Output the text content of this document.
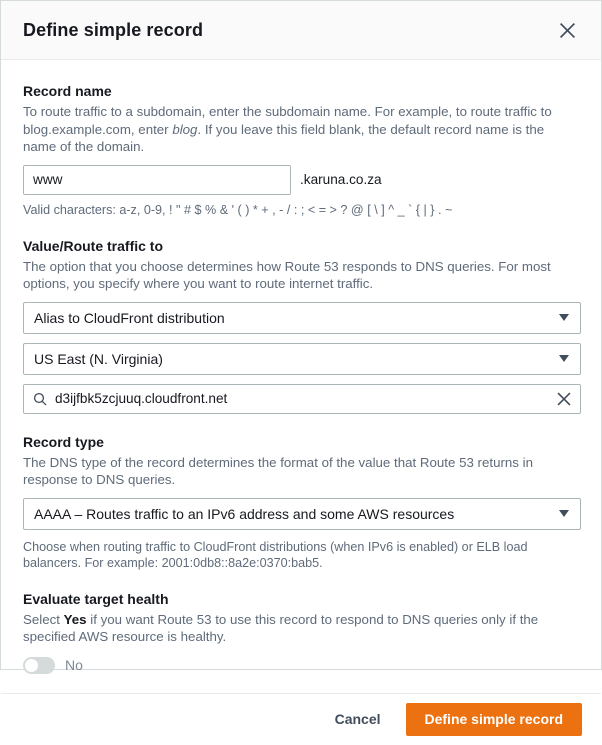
Define simple record
Record name
To route traffic to a subdomain, enter the subdomain name. For example, to route traffic to blog.example.com, enter blog. If you leave this field blank, the default record name is the name of the domain.
www
.karuna.co.za
Valid characters: a-z, 0-9, ! " # $ % & ' ( ) * + , - / : ; < = > ? @ [ \ ] ^ _ ` { | } . ~
Value/Route traffic to
The option that you choose determines how Route 53 responds to DNS queries. For most options, you specify where you want to route internet traffic.
Alias to CloudFront distribution
US East (N. Virginia)
d3ijfbk5zcjuuq.cloudfront.net
Record type
The DNS type of the record determines the format of the value that Route 53 returns in response to DNS queries.
AAAA – Routes traffic to an IPv6 address and some AWS resources
Choose when routing traffic to CloudFront distributions (when IPv6 is enabled) or ELB load balancers. For example: 2001:0db8::8a2e:0370:bab5.
Evaluate target health
Select Yes if you want Route 53 to use this record to respond to DNS queries only if the specified AWS resource is healthy.
No
Cancel	Define simple record
